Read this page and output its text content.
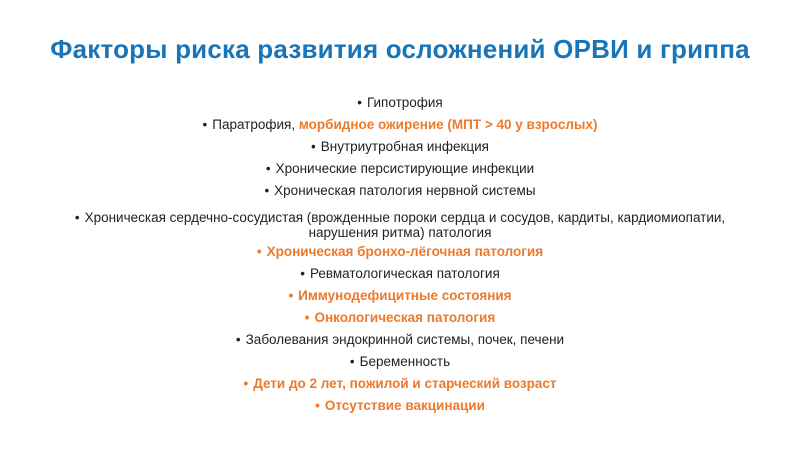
Факторы риска развития осложнений ОРВИ и гриппа
• Гипотрофия
• Паратрофия, морбидное ожирение (МПТ > 40 у взрослых)
• Внутриутробная инфекция
• Хронические персистирующие инфекции
• Хроническая патология нервной системы
• Хроническая сердечно-сосудистая (врожденные пороки сердца и сосудов, кардиты, кардиомиопатии, нарушения ритма) патология
• Хроническая бронхо-лёгочная патология
• Ревматологическая патология
• Иммунодефицитные состояния
• Онкологическая патология
• Заболевания эндокринной системы, почек, печени
• Беременность
• Дети до 2 лет, пожилой и старческий возраст
• Отсутствие вакцинации
